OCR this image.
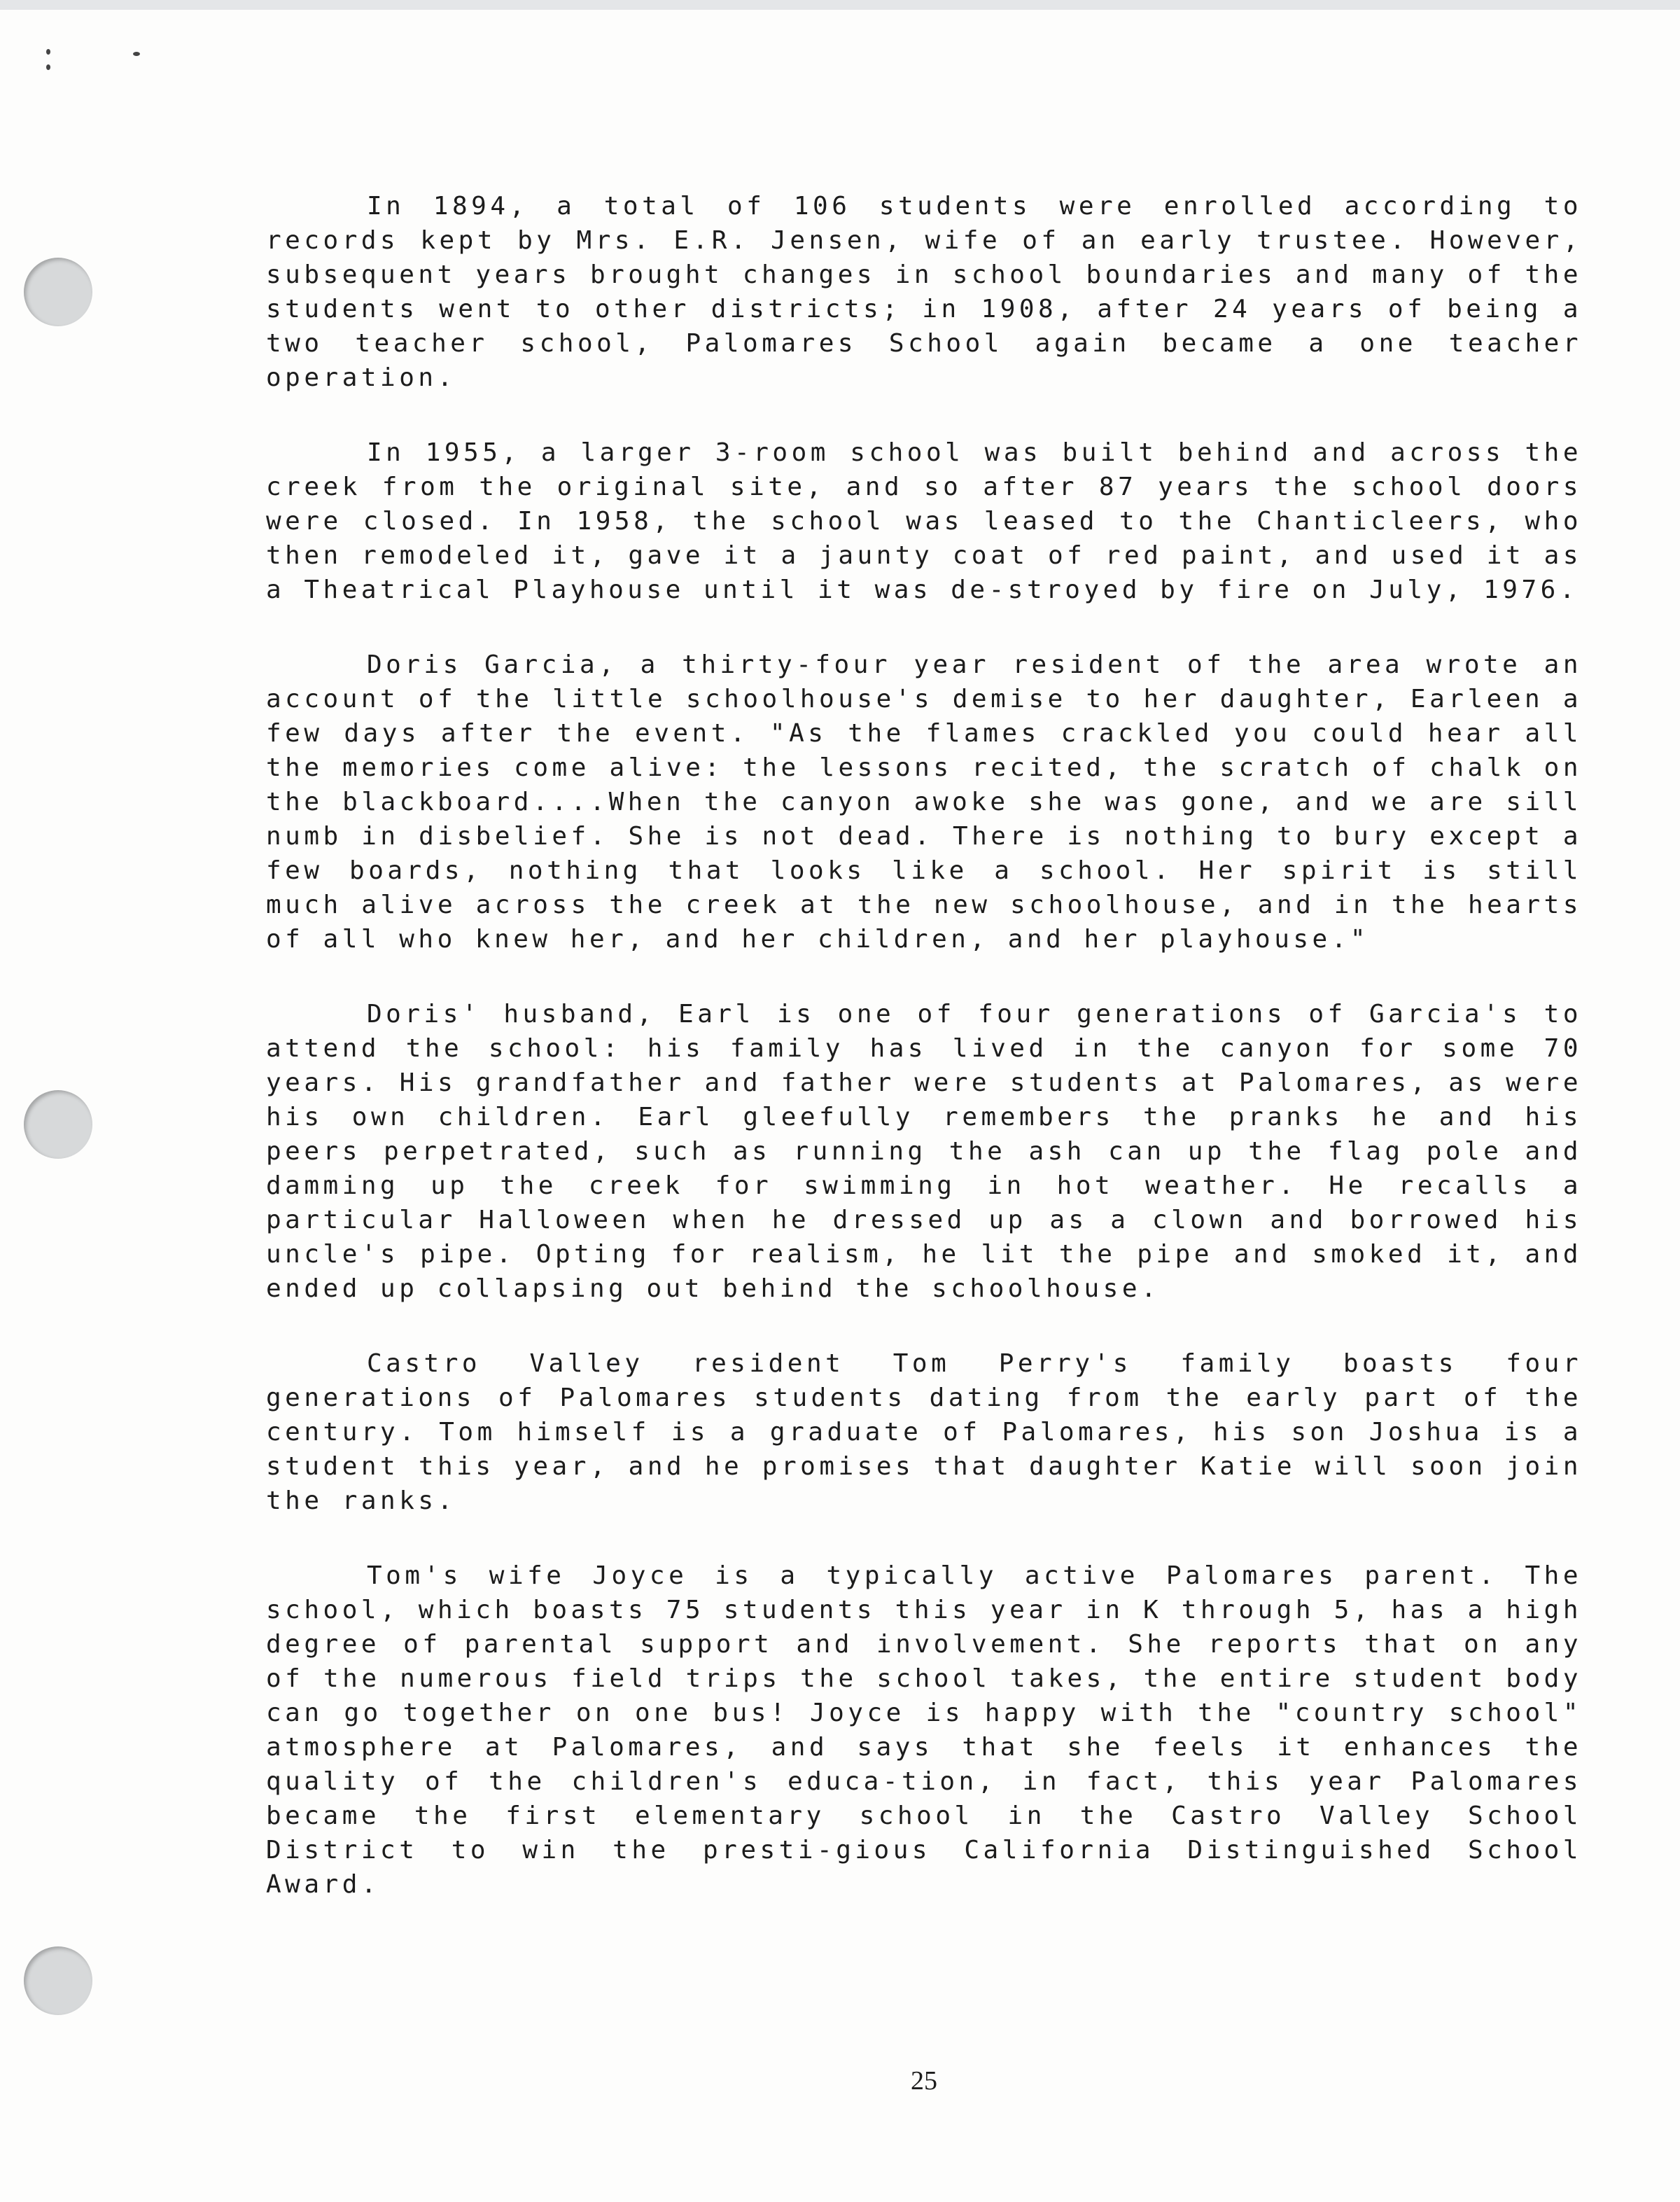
In 1894, a total of 106 students were enrolled according to records kept by Mrs. E.R. Jensen, wife of an early trustee. However, subsequent years brought changes in school boundaries and many of the students went to other districts; in 1908, after 24 years of being a two teacher school, Palomares School again became a one teacher operation.

In 1955, a larger 3-room school was built behind and across the creek from the original site, and so after 87 years the school doors were closed. In 1958, the school was leased to the Chanticleers, who then remodeled it, gave it a jaunty coat of red paint, and used it as a Theatrical Playhouse until it was de-stroyed by fire on July, 1976.

Doris Garcia, a thirty-four year resident of the area wrote an account of the little schoolhouse's demise to her daughter, Earleen a few days after the event. "As the flames crackled you could hear all the memories come alive: the lessons recited, the scratch of chalk on the blackboard....When the canyon awoke she was gone, and we are sill numb in disbelief. She is not dead. There is nothing to bury except a few boards, nothing that looks like a school. Her spirit is still much alive across the creek at the new schoolhouse, and in the hearts of all who knew her, and her children, and her playhouse."

Doris' husband, Earl is one of four generations of Garcia's to attend the school: his family has lived in the canyon for some 70 years. His grandfather and father were students at Palomares, as were his own children. Earl gleefully remembers the pranks he and his peers perpetrated, such as running the ash can up the flag pole and damming up the creek for swimming in hot weather. He recalls a particular Halloween when he dressed up as a clown and borrowed his uncle's pipe. Opting for realism, he lit the pipe and smoked it, and ended up collapsing out behind the schoolhouse.

Castro Valley resident Tom Perry's family boasts four generations of Palomares students dating from the early part of the century. Tom himself is a graduate of Palomares, his son Joshua is a student this year, and he promises that daughter Katie will soon join the ranks.

Tom's wife Joyce is a typically active Palomares parent. The school, which boasts 75 students this year in K through 5, has a high degree of parental support and involvement. She reports that on any of the numerous field trips the school takes, the entire student body can go together on one bus! Joyce is happy with the "country school" atmosphere at Palomares, and says that she feels it enhances the quality of the children's educa-tion, in fact, this year Palomares became the first elementary school in the Castro Valley School District to win the presti-gious California Distinguished School Award.

25
